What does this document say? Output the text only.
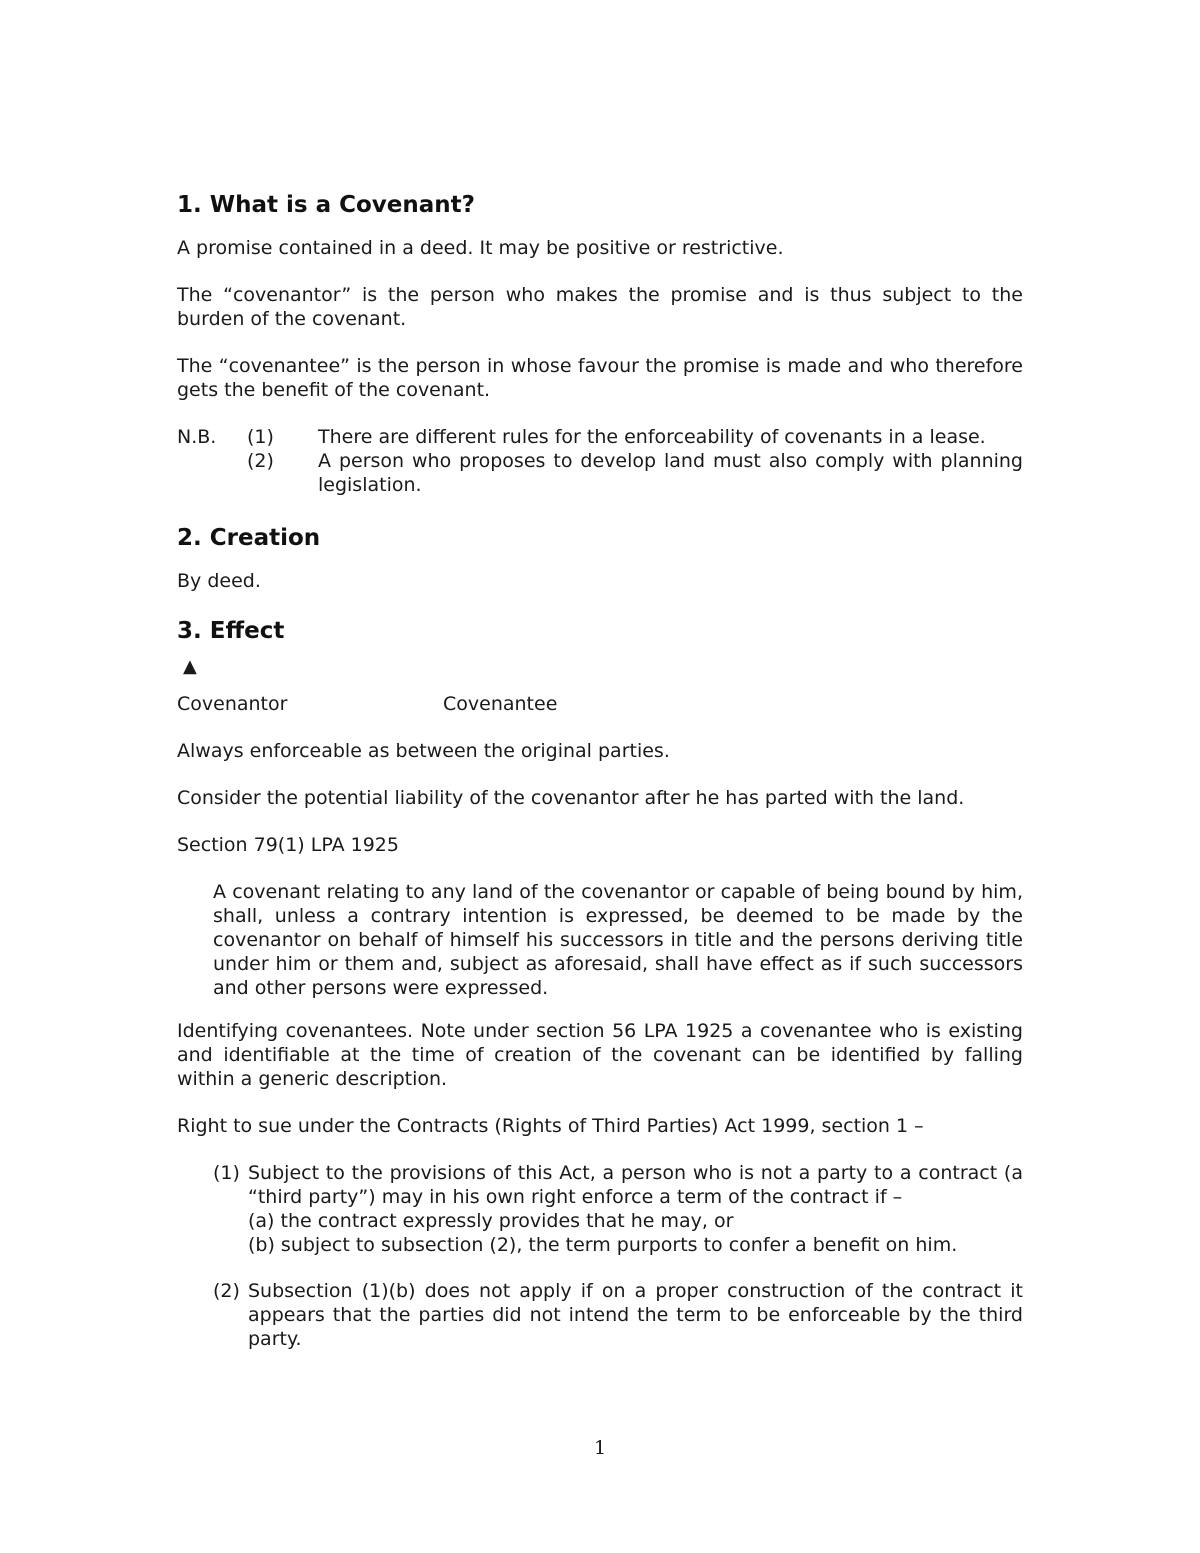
1. What is a Covenant?

A promise contained in a deed. It may be positive or restrictive.

The “covenantor” is the person who makes the promise and is thus subject to the burden of the covenant.

The “covenantee” is the person in whose favour the promise is made and who therefore gets the benefit of the covenant.

N.B.	(1)	There are different rules for the enforceability of covenants in a lease.
(2)	A person who proposes to develop land must also comply with planning legislation.
2. Creation

By deed.

3. Effect
▲
Covenantor	Covenantee

Always enforceable as between the original parties.

Consider the potential liability of the covenantor after he has parted with the land.

Section 79(1) LPA 1925

A covenant relating to any land of the covenantor or capable of being bound by him, shall, unless a contrary intention is expressed, be deemed to be made by the covenantor on behalf of himself his successors in title and the persons deriving title under him or them and, subject as aforesaid, shall have effect as if such successors and other persons were expressed.

Identifying covenantees. Note under section 56 LPA 1925 a covenantee who is existing and identifiable at the time of creation of the covenant can be identified by falling within a generic description.

Right to sue under the Contracts (Rights of Third Parties) Act 1999, section 1 –

(1) Subject to the provisions of this Act, a person who is not a party to a contract (a “third party”) may in his own right enforce a term of the contract if –
(a) the contract expressly provides that he may, or
(b) subject to subsection (2), the term purports to confer a benefit on him.
(2) Subsection (1)(b) does not apply if on a proper construction of the contract it appears that the parties did not intend the term to be enforceable by the third party.
1
